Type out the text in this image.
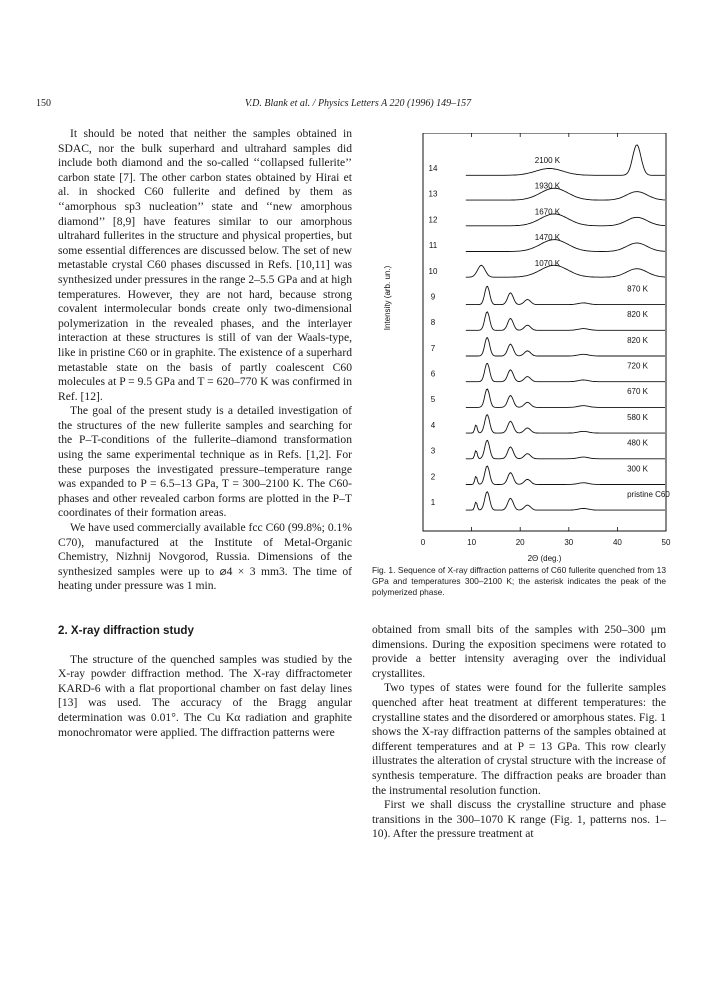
150	V.D. Blank et al. / Physics Letters A 220 (1996) 149–157

It should be noted that neither the samples obtained in SDAC, nor the bulk superhard and ultrahard samples did include both diamond and the so-called ‘‘collapsed fullerite’’ carbon state [7]. The other carbon states obtained by Hirai et al. in shocked C60 fullerite and defined by them as ‘‘amorphous sp3 nucleation’’ state and ‘‘new amorphous diamond’’ [8,9] have features similar to our amorphous ultrahard fullerites in the structure and physical properties, but some essential differences are discussed below. The set of new metastable crystal C60 phases discussed in Refs. [10,11] was synthesized under pressures in the range 2–5.5 GPa and at high temperatures. However, they are not hard, because strong covalent intermolecular bonds create only two-dimensional polymerization in the revealed phases, and the interlayer interaction at these structures is still of van der Waals-type, like in pristine C60 or in graphite. The existence of a superhard metastable state on the basis of partly coalescent C60 molecules at P = 9.5 GPa and T = 620–770 K was confirmed in Ref. [12].

The goal of the present study is a detailed investigation of the structures of the new fullerite samples and searching for the P–T-conditions of the fullerite–diamond transformation using the same experimental technique as in Refs. [1,2]. For these purposes the investigated pressure–temperature range was expanded to P = 6.5–13 GPa, T = 300–2100 K. The C60-phases and other revealed carbon forms are plotted in the P–T coordinates of their formation areas.

We have used commercially available fcc C60 (99.8%; 0.1% C70), manufactured at the Institute of Metal-Organic Chemistry, Nizhnij Novgorod, Russia. Dimensions of the synthesized samples were up to ⌀4 × 3 mm3. The time of heating under pressure was 1 min.

2. X-ray diffraction study

The structure of the quenched samples was studied by the X-ray powder diffraction method. The X-ray diffractometer KARD-6 with a flat proportional chamber on fast delay lines [13] was used. The accuracy of the Bragg angular determination was 0.01°. The Cu Kα radiation and graphite monochromator were applied. The diffraction patterns were

0	10	20	30	40	50
2Θ (deg.)
Intensity (arb. un.)
14
2100 K
13
1930 K
12
1670 K
11
1470 K
10
1070 K
9
870 K
8
820 K
7
820 K
6
720 K
5
670 K
4
580 K
3
480 K
2
300 K
1
pristine C60
Fig. 1. Sequence of X-ray diffraction patterns of C60 fullerite quenched from 13 GPa and temperatures 300–2100 K; the asterisk indicates the peak of the polymerized phase.

obtained from small bits of the samples with 250–300 μm dimensions. During the exposition specimens were rotated to provide a better intensity averaging over the individual crystallites.

Two types of states were found for the fullerite samples quenched after heat treatment at different temperatures: the crystalline states and the disordered or amorphous states. Fig. 1 shows the X-ray diffraction patterns of the samples obtained at different temperatures and at P = 13 GPa. This row clearly illustrates the alteration of crystal structure with the increase of synthesis temperature. The diffraction peaks are broader than the instrumental resolution function.

First we shall discuss the crystalline structure and phase transitions in the 300–1070 K range (Fig. 1, patterns nos. 1–10). After the pressure treatment at
